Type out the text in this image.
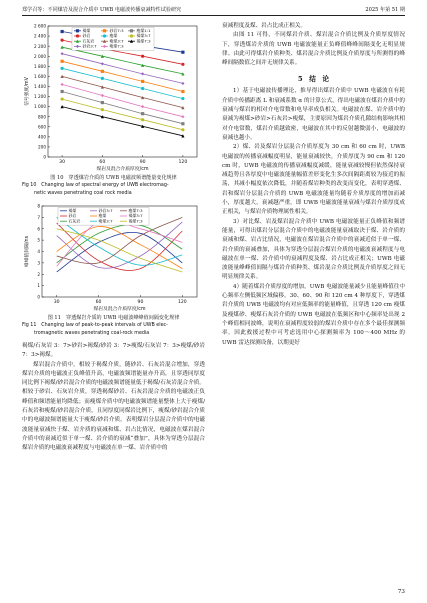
郑学召等：不同煤岩及混合介质中 UWB 电磁波传播衰减特性试验研究	2025 年第 51 期
0
200
400
600
800
1 000
1 200
1 400
1 600
1 800
2 000
2 200
2 400
2 600
30	60	90	120
煤岩及混合介质厚度/cm
信号强度/mV
褐煤
砂岩
石灰岩
砂岩3:7
砂岩7:3
瘦煤
瘦煤3:7
瘦煤7:3
瘦煤1:1
褐煤3:7
褐煤7:3
图 10　穿透煤岩介质的 UWB 电磁波频谱能量变化规律
Fig 10　Changing law of spectral energy of UWB electromag-
netic waves penetrating coal rock media
0
1
2
3
4
5
6
7
8
30	60	90	120
煤岩及混合介质厚度/cm
峰峰值间隔/ns
褐煤
砂岩
石灰岩
砂岩3:7
瘦煤
瘦煤3:7
瘦煤7:3
褐煤3:7
褐煤7:3
图 11　穿透煤岩介质的 UWB 电磁波峰峰值间隔变化规律
Fig 11　Changing law of peak-to-peak intervals of UWB elec-
tromagnetic waves penetrating coal-rock media

褐煤/石灰岩 3：7>砂岩>褐煤/砂岩 3：7>瘦煤/石灰岩 7：3>瘦煤/砂岩 7：3>褐煤。

煤岩混合介质中，相较于褐煤介质，随砂岩、石灰岩混合增加，穿透煤岩介质的电磁波正负峰值升高，电磁波频谱能量亦升高，且穿透同厚度同比例下褐煤/砂岩混合介质的电磁波频谱能量低于褐煤/石灰岩混合介质。相较于砂岩、石灰岩介质，穿透褐煤砂岩、石灰岩混合介质的电磁波正负峰值和频谱能量均降低；而瘦煤介质中的电磁波频谱能量整体上大于瘦煤/石灰岩和瘦煤/砂岩混合介质，且同厚度同煤岩比例下，瘦煤/砂岩混合介质中的电磁波频谱能量大于瘦煤/砂岩介质。表明煤岩分层混合介质中的电磁波能量衰减快于煤、岩介质的衰减和煤、岩占比情况，电磁波在煤岩混合介质中的衰减近似于单一煤、岩介质的衰减“叠加”，具体为穿透分层混合煤岩介质的电磁波衰减程度与电磁波在单一煤、岩介质中的

衰减程度及煤、岩占比成正相关。

由图 11 可得，不同煤岩介质、煤岩混合介质比例及介质厚度情况下，穿透煤岩介质的 UWB 电磁波能量正负峰值峰峰间隔变化无明显规律。由此可得煤岩介质种类、煤岩混合介质比例及介质厚度与所测得的峰峰间隔数值之间并无规律关系。

5　结　论

1）基于电磁波传播理论，推导得出煤岩介质中 UWB 电磁波在有耗介质中传播距离 L 和衰减系数 α 的计算公式，得出电磁波在煤岩介质中的衰减与煤岩的相对介电常数和电导率成负相关。电磁波在煤、岩介质中的衰减为褐煤>砂岩>石灰岩>瘦煤，主要原因为煤岩介质孔隙结构影响其相对介电常数，煤岩介质越致密，电磁波在其中的反射越微弱小，电磁波的衰减也越小。

2）煤、岩及煤岩分层混合介质厚度为 30 cm 和 60 cm 时，UWB 电磁波的传播衰减幅度明显，能量衰减较快，介质厚度为 90 cm 和 120 cm 时，UWB 电磁波的传播衰减幅度减缓，能量衰减较慢但依然保持衰减趋势且各厚度中电磁波能量幅值差形变化生多次间隔距离较为接近的振荡，其减小幅度依次降低，并随着煤岩种类的改变而变化，表明穿透煤、岩和煤岩分层混合介质的 UWB 电磁波能量均随着介质厚度的增加而减小，厚度越大，衰减越严重，即 UWB 电磁波能量衰减与煤岩介质厚度成正相关，与煤岩介质物理属性相关。

3）对比煤、岩及煤岩混合介质中 UWB 电磁波能量正负峰值和频谱能量，可得出煤岩分层混合介质中的电磁波能量衰减取决于煤、岩介质的衰减和煤、岩占比情况，电磁波在煤岩混合介质中的衰减近似于单一煤、岩介质的衰减叠加，具体为穿透分层混合煤岩介质的电磁波衰减程度与电磁波在单一煤、岩介质中的衰减程度及煤、岩占比成正相关；UWB 电磁波能量峰峰值间隔与煤岩介质种类、煤岩混合介质比例及介质厚度之间无明显规律关系。

4）随着煤岩介质厚度的增加，UWB 电磁波能量减少且能量峰值往中心频率左侧低频区域偏移。30、60、90 和 120 cm 4 种厚度下，穿透煤岩介质的 UWB 电磁波均有对应低频率的能量峰值，且穿透 120 cm 瘦煤及瘦煤砂、瘦煤石灰岩介质的 UWB 电磁波在低频区和中心频率处出现 2 个峰值相同波峰，说明在衰减程度较弱的煤岩介质中存在多个最佳探测频率。因此救援过程中可考虑选用中心探测频率为 100～400 MHz 的 UWB 雷达探测设备，以期更好

73
